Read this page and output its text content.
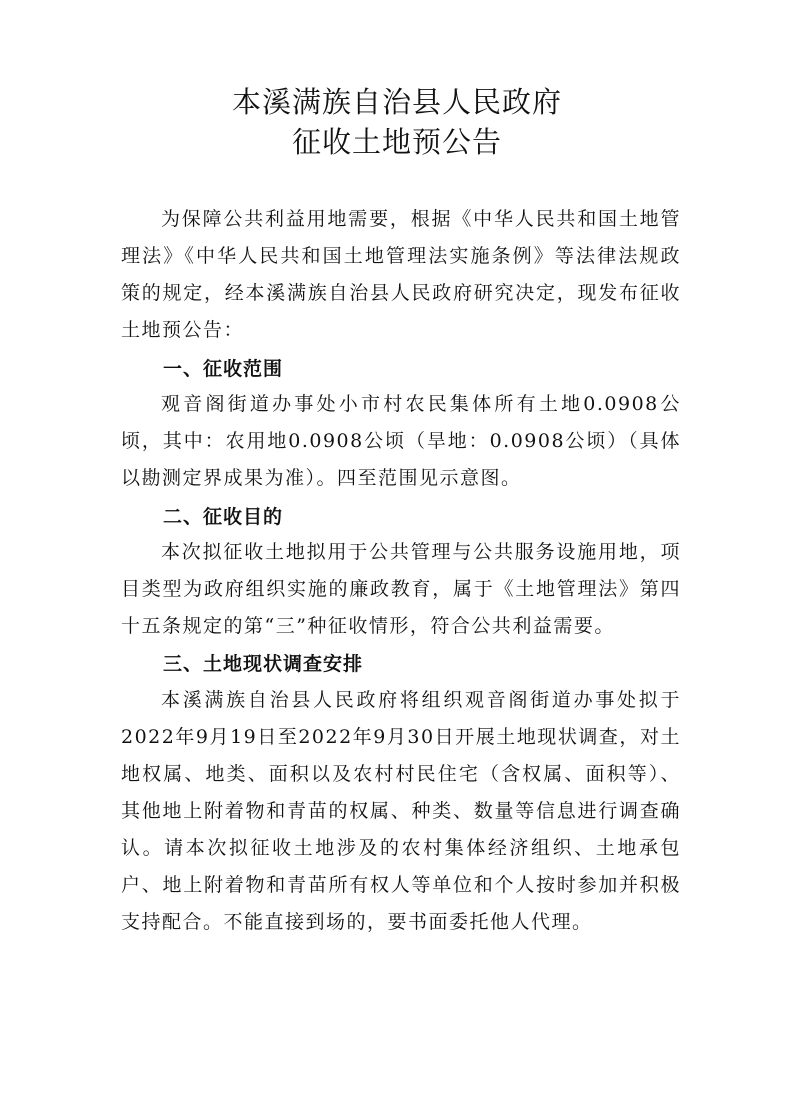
本溪满族自治县人民政府
征收土地预公告

为保障公共利益用地需要，根据《中华人民共和国土地管理法》《中华人民共和国土地管理法实施条例》等法律法规政策的规定，经本溪满族自治县人民政府研究决定，现发布征收土地预公告：

一、征收范围

观音阁街道办事处小市村农民集体所有土地0.0908公顷，其中：农用地0.0908公顷（旱地：0.0908公顷）（具体以勘测定界成果为准）。四至范围见示意图。

二、征收目的

本次拟征收土地拟用于公共管理与公共服务设施用地，项目类型为政府组织实施的廉政教育，属于《土地管理法》第四十五条规定的第“三”种征收情形，符合公共利益需要。

三、土地现状调查安排

本溪满族自治县人民政府将组织观音阁街道办事处拟于2022年9月19日至2022年9月30日开展土地现状调查，对土地权属、地类、面积以及农村村民住宅（含权属、面积等）、其他地上附着物和青苗的权属、种类、数量等信息进行调查确认。请本次拟征收土地涉及的农村集体经济组织、土地承包户、地上附着物和青苗所有权人等单位和个人按时参加并积极支持配合。不能直接到场的，要书面委托他人代理。
